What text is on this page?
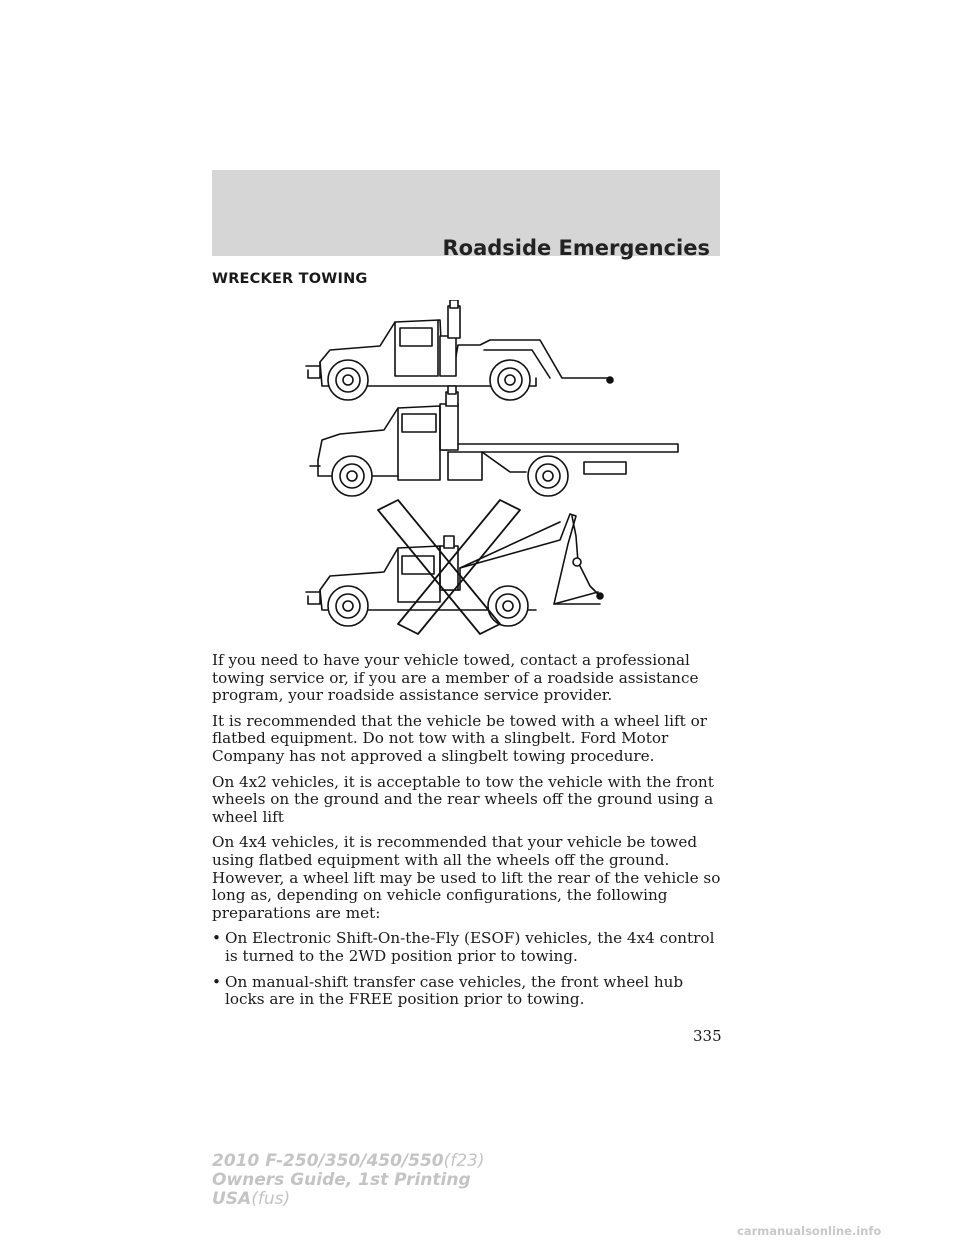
Roadside Emergencies
WRECKER TOWING

If you need to have your vehicle towed, contact a professional towing service or, if you are a member of a roadside assistance program, your roadside assistance service provider.

It is recommended that the vehicle be towed with a wheel lift or flatbed equipment. Do not tow with a slingbelt. Ford Motor Company has not approved a slingbelt towing procedure.

On 4x2 vehicles, it is acceptable to tow the vehicle with the front wheels on the ground and the rear wheels off the ground using a wheel lift

On 4x4 vehicles, it is recommended that your vehicle be towed using flatbed equipment with all the wheels off the ground. However, a wheel lift may be used to lift the rear of the vehicle so long as, depending on vehicle configurations, the following preparations are met:

• On Electronic Shift-On-the-Fly (ESOF) vehicles, the 4x4 control is turned to the 2WD position prior to towing.
• On manual-shift transfer case vehicles, the front wheel hub locks are in the FREE position prior to towing.
335
2010 F-250/350/450/550(f23)
Owners Guide, 1st Printing
USA(fus)
carmanualsonline.info
